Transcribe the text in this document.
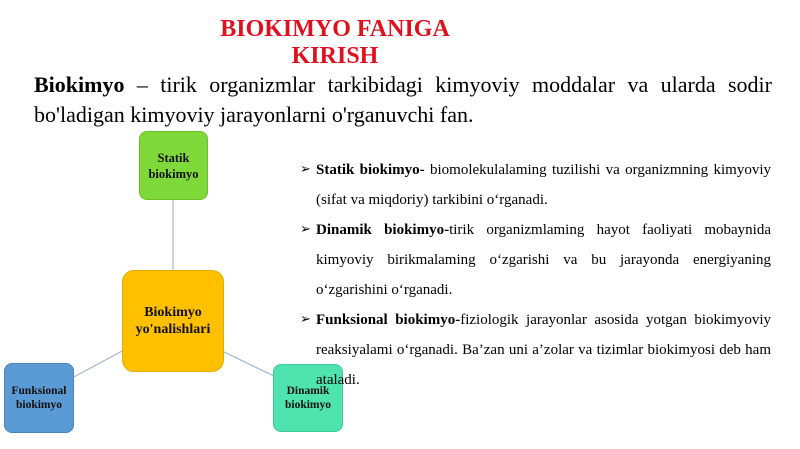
BIOKIMYO FANIGA KIRISH
Biokimyo – tirik organizmlar tarkibidagi kimyoviy moddalar va ularda sodir bo'ladigan kimyoviy jarayonlarni o'rganuvchi fan.
Statik biokimyo
Biokimyo yo'nalishlari
Funksional biokimyo
Dinamik biokimyo
➢ Statik biokimyo- biomolekulalaming tuzilishi va organizmning kimyoviy (sifat va miqdoriy) tarkibini o‘rganadi.
➢ Dinamik biokimyo-tirik organizmlaming hayot faoliyati mobaynida kimyoviy birikmalaming o‘zgarishi va bu jarayonda energiyaning o‘zgarishini o‘rganadi.
➢ Funksional biokimyo-fiziologik jarayonlar asosida yotgan biokimyoviy reaksiyalami o‘rganadi. Ba’zan uni a’zolar va tizimlar biokimyosi deb ham ataladi.
